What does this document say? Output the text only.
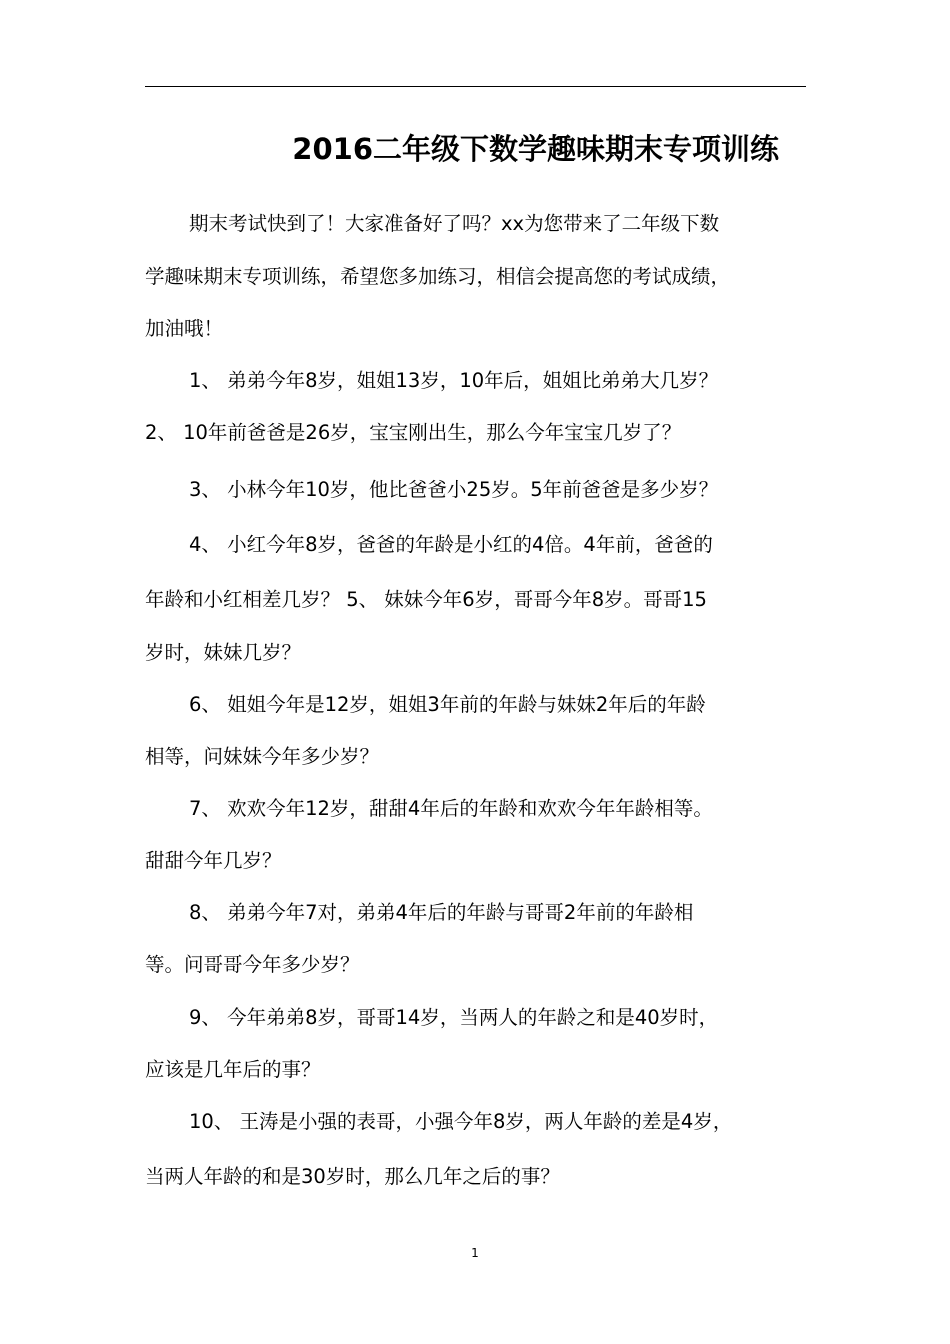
2016二年级下数学趣味期末专项训练
期末考试快到了！大家准备好了吗？xx为您带来了二年级下数
学趣味期末专项训练，希望您多加练习，相信会提高您的考试成绩，
加油哦！
1、 弟弟今年8岁，姐姐13岁，10年后，姐姐比弟弟大几岁？
2、 10年前爸爸是26岁，宝宝刚出生，那么今年宝宝几岁了？
3、 小林今年10岁，他比爸爸小25岁。5年前爸爸是多少岁？
4、 小红今年8岁，爸爸的年龄是小红的4倍。4年前，爸爸的
年龄和小红相差几岁？ 5、 妹妹今年6岁，哥哥今年8岁。哥哥15
岁时，妹妹几岁？
6、 姐姐今年是12岁，姐姐3年前的年龄与妹妹2年后的年龄
相等，问妹妹今年多少岁？
7、 欢欢今年12岁，甜甜4年后的年龄和欢欢今年年龄相等。
甜甜今年几岁？
8、 弟弟今年7对，弟弟4年后的年龄与哥哥2年前的年龄相
等。问哥哥今年多少岁？
9、 今年弟弟8岁，哥哥14岁，当两人的年龄之和是40岁时，
应该是几年后的事？
10、 王涛是小强的表哥，小强今年8岁，两人年龄的差是4岁，
当两人年龄的和是30岁时，那么几年之后的事？
1
